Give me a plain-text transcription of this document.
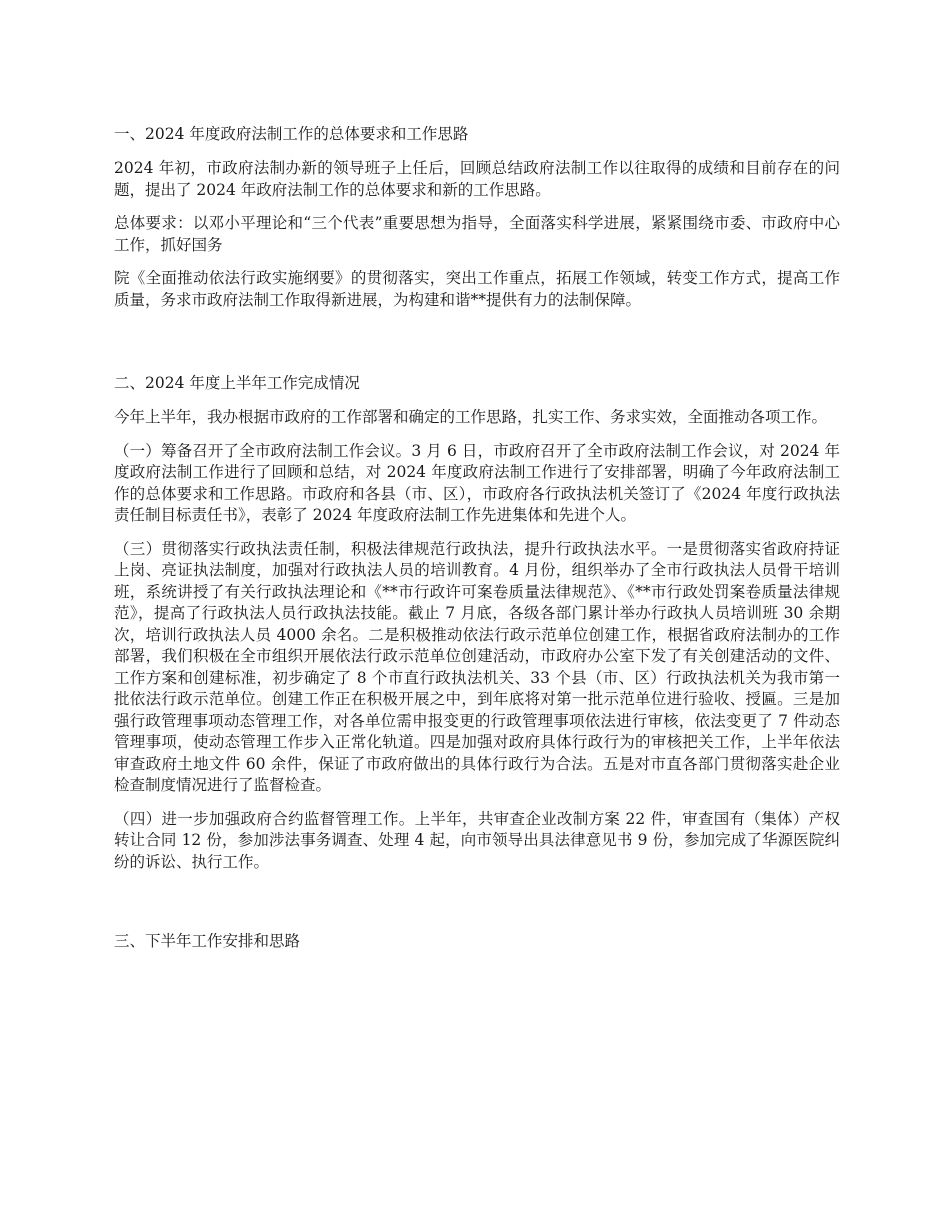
一、2024 年度政府法制工作的总体要求和工作思路

2024 年初，市政府法制办新的领导班子上任后，回顾总结政府法制工作以往取得的成绩和目前存在的问题，提出了 2024 年政府法制工作的总体要求和新的工作思路。

总体要求：以邓小平理论和“三个代表”重要思想为指导，全面落实科学进展，紧紧围绕市委、市政府中心工作，抓好国务

院《全面推动依法行政实施纲要》的贯彻落实，突出工作重点，拓展工作领域，转变工作方式，提高工作质量，务求市政府法制工作取得新进展，为构建和谐**提供有力的法制保障。

二、2024 年度上半年工作完成情况

今年上半年，我办根据市政府的工作部署和确定的工作思路，扎实工作、务求实效，全面推动各项工作。

（一）筹备召开了全市政府法制工作会议。3 月 6 日，市政府召开了全市政府法制工作会议，对 2024 年度政府法制工作进行了回顾和总结，对 2024 年度政府法制工作进行了安排部署，明确了今年政府法制工作的总体要求和工作思路。市政府和各县（市、区），市政府各行政执法机关签订了《2024 年度行政执法责任制目标责任书》，表彰了 2024 年度政府法制工作先进集体和先进个人。

（三）贯彻落实行政执法责任制，积极法律规范行政执法，提升行政执法水平。一是贯彻落实省政府持证上岗、亮证执法制度，加强对行政执法人员的培训教育。4 月份，组织举办了全市行政执法人员骨干培训班，系统讲授了有关行政执法理论和《**市行政许可案卷质量法律规范》、《**市行政处罚案卷质量法律规范》，提高了行政执法人员行政执法技能。截止 7 月底，各级各部门累计举办行政执人员培训班 30 余期次，培训行政执法人员 4000 余名。二是积极推动依法行政示范单位创建工作，根据省政府法制办的工作部署，我们积极在全市组织开展依法行政示范单位创建活动，市政府办公室下发了有关创建活动的文件、工作方案和创建标准，初步确定了 8 个市直行政执法机关、33 个县（市、区）行政执法机关为我市第一批依法行政示范单位。创建工作正在积极开展之中，到年底将对第一批示范单位进行验收、授匾。三是加强行政管理事项动态管理工作，对各单位需申报变更的行政管理事项依法进行审核，依法变更了 7 件动态管理事项，使动态管理工作步入正常化轨道。四是加强对政府具体行政行为的审核把关工作，上半年依法审查政府土地文件 60 余件，保证了市政府做出的具体行政行为合法。五是对市直各部门贯彻落实赴企业检查制度情况进行了监督检查。

（四）进一步加强政府合约监督管理工作。上半年，共审查企业改制方案 22 件，审查国有（集体）产权转让合同 12 份，参加涉法事务调查、处理 4 起，向市领导出具法律意见书 9 份，参加完成了华源医院纠纷的诉讼、执行工作。

三、下半年工作安排和思路
